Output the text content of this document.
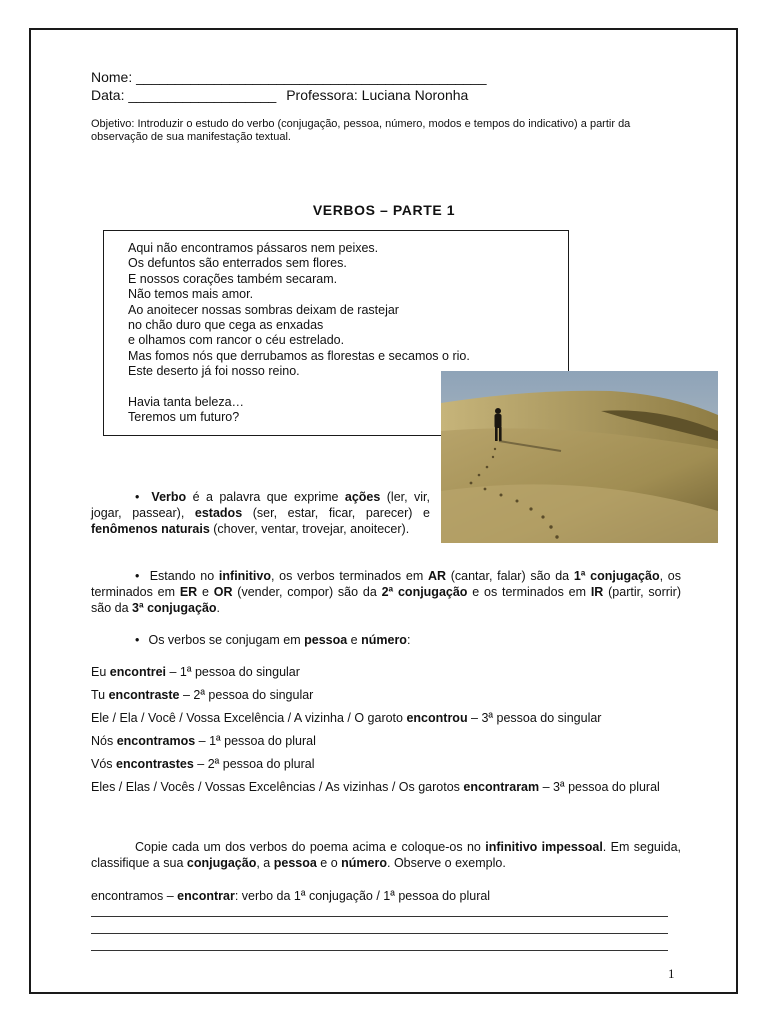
Nome: _____________________________________________
Data: ___________________ Professora: Luciana Noronha
Objetivo: Introduzir o estudo do verbo (conjugação, pessoa, número, modos e tempos do indicativo) a partir da observação de sua manifestação textual.
VERBOS – PARTE 1
Aqui não encontramos pássaros nem peixes.
Os defuntos são enterrados sem flores.
E nossos corações também secaram.
Não temos mais amor.
Ao anoitecer nossas sombras deixam de rastejar
no chão duro que cega as enxadas
e olhamos com rancor o céu estrelado.
Mas fomos nós que derrubamos as florestas e secamos o rio.
Este deserto já foi nosso reino.
Havia tanta beleza…
Teremos um futuro?
• Verbo é a palavra que exprime ações (ler, vir, jogar, passear), estados (ser, estar, ficar, parecer) e fenômenos naturais (chover, ventar, trovejar, anoitecer).
• Estando no infinitivo, os verbos terminados em AR (cantar, falar) são da 1ª conjugação, os terminados em ER e OR (vender, compor) são da 2ª conjugação e os terminados em IR (partir, sorrir) são da 3ª conjugação.
• Os verbos se conjugam em pessoa e número:
Eu encontrei – 1ª pessoa do singular
Tu encontraste – 2ª pessoa do singular
Ele / Ela / Você / Vossa Excelência / A vizinha / O garoto encontrou – 3ª pessoa do singular
Nós encontramos – 1ª pessoa do plural
Vós encontrastes – 2ª pessoa do plural
Eles / Elas / Vocês / Vossas Excelências / As vizinhas / Os garotos encontraram – 3ª pessoa do plural
Copie cada um dos verbos do poema acima e coloque-os no infinitivo impessoal. Em seguida, classifique a sua conjugação, a pessoa e o número. Observe o exemplo.
encontramos – encontrar: verbo da 1ª conjugação / 1ª pessoa do plural
1
